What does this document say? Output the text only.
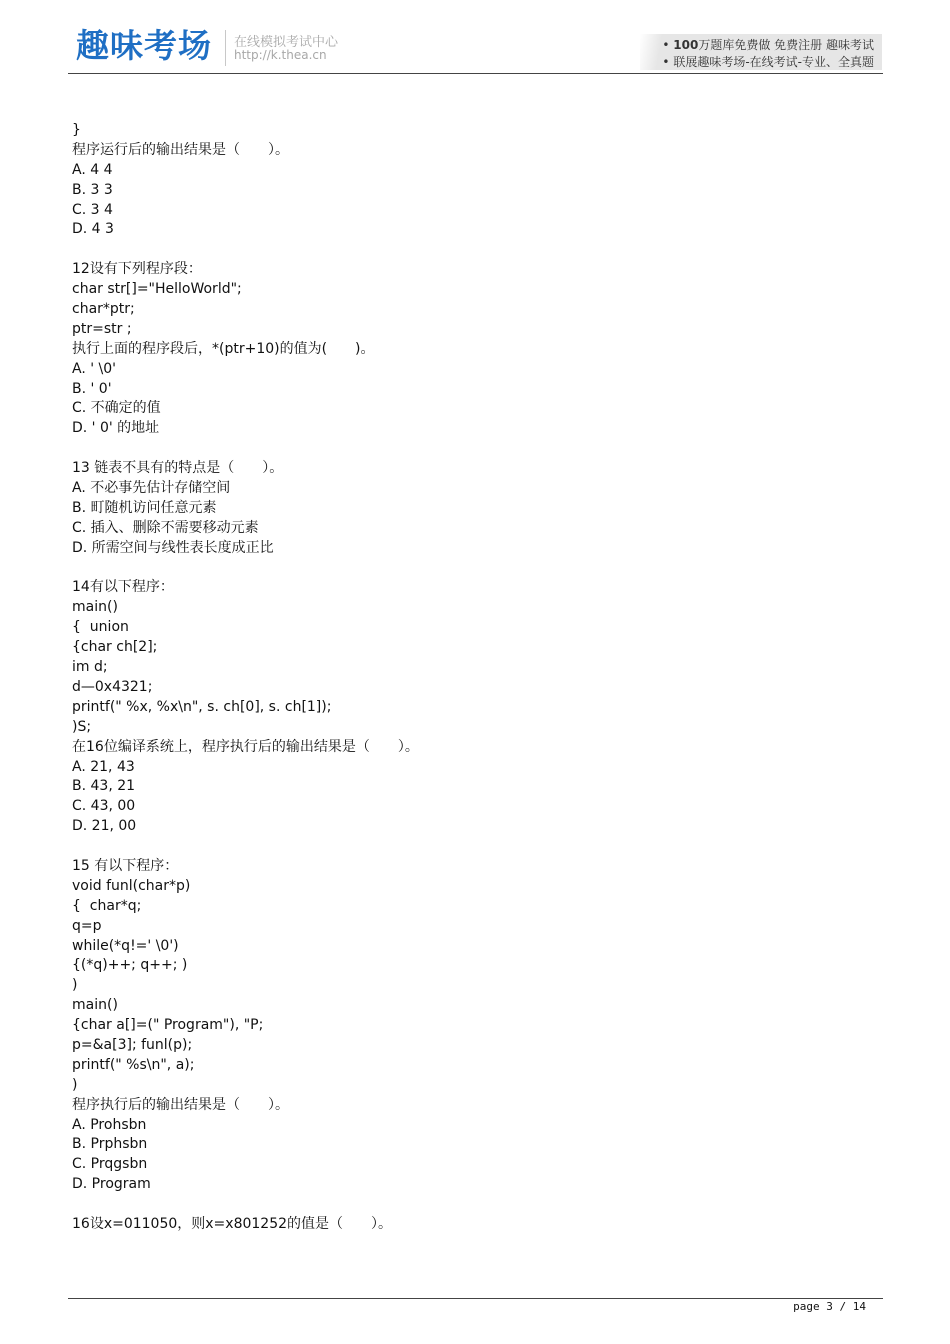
趣味考场 在线模拟考试中心
http://k.thea.cn
• 100万题库免费做 免费注册 趣味考试
• 联展趣味考场-在线考试-专业、全真题
}
程序运行后的输出结果是（　　）。
A. 4 4
B. 3 3
C. 3 4
D. 4 3
12设有下列程序段：
char str[]="HelloWorld";
char*ptr;
ptr=str ;
执行上面的程序段后，*(ptr+10)的值为(　　)。
A. ' \0'
B. ' 0'
C. 不确定的值
D. ' 0' 的地址
13 链表不具有的特点是（　　）。
A. 不必事先估计存储空间
B. 町随机访问任意元素
C. 插入、删除不需要移动元素
D. 所需空间与线性表长度成正比
14有以下程序：
main()
{  union
{char ch[2];
im d;
d—0x4321;
printf(" %x, %x\n", s. ch[0], s. ch[1]);
)S;
在16位编译系统上，程序执行后的输出结果是（　　）。
A. 21, 43
B. 43, 21
C. 43, 00
D. 21, 00
15 有以下程序：
void funl(char*p)
{  char*q;
q=p
while(*q!=' \0')
{(*q)++; q++; )
)
main()
{char a[]=(" Program"), "P;
p=&a[3]; funl(p);
printf(" %s\n", a);
)
程序执行后的输出结果是（　　）。
A. Prohsbn
B. Prphsbn
C. Prqgsbn
D. Program
16设x=011050，则x=x801252的值是（　　）。
page 3 / 14
